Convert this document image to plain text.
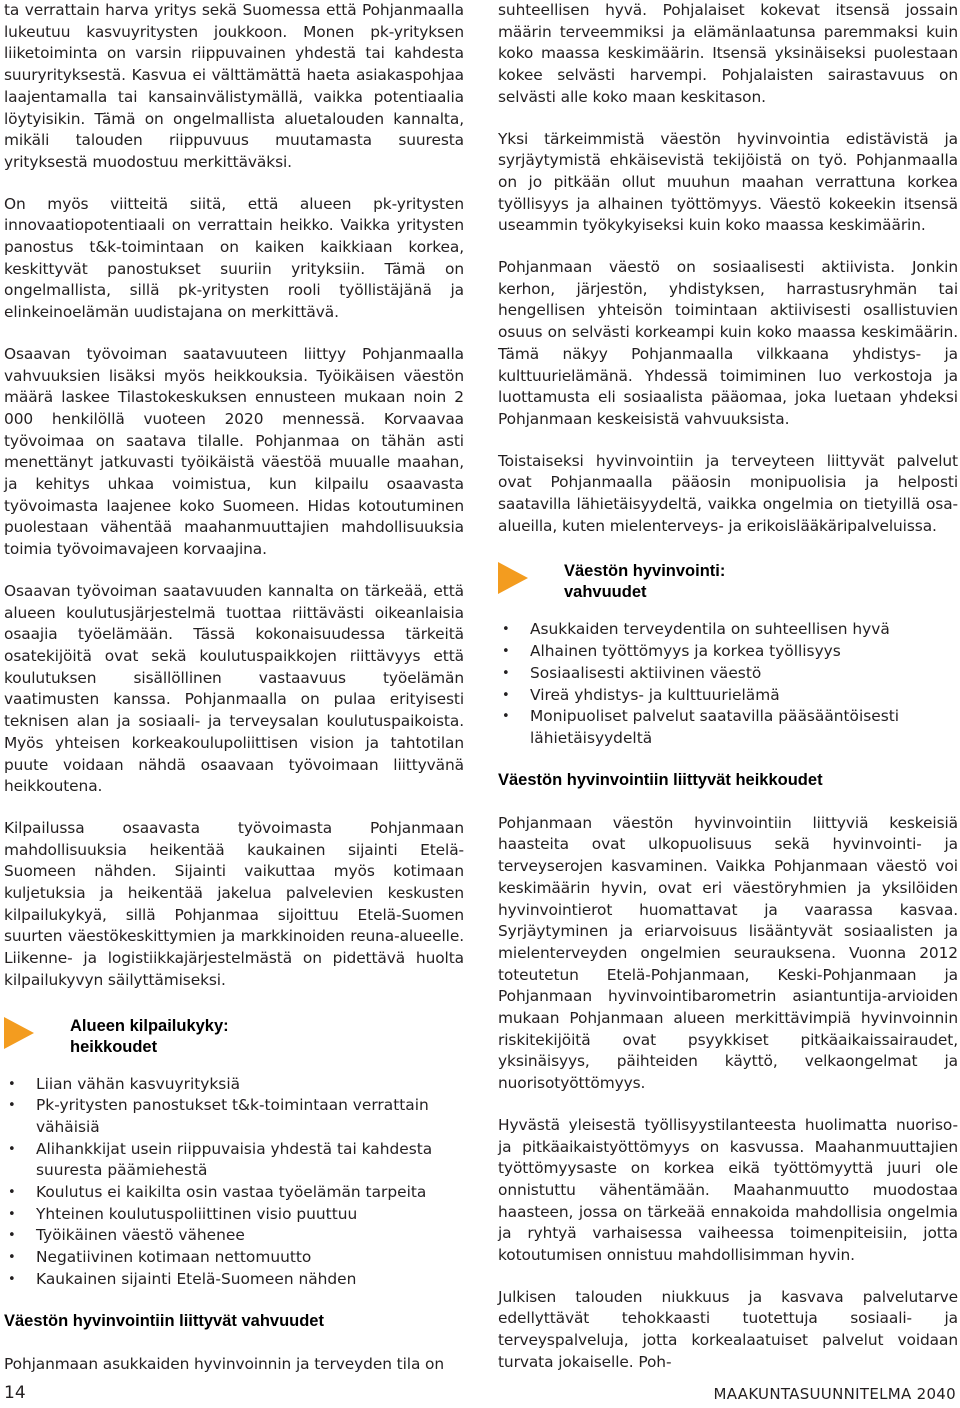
ta verrattain harva yritys sekä Suomessa että Pohjanmaalla lukeutuu kasvuyritysten joukkoon. Monen pk-yrityksen liiketoiminta on varsin riippuvainen yhdestä tai kahdesta suuryrityksestä. Kasvua ei välttämättä haeta asiakaspohjaa laajentamalla tai kansainvälistymällä, vaikka potentiaalia löytyisikin. Tämä on ongelmallista aluetalouden kannalta, mikäli talouden riippuvuus muutamasta suuresta yrityksestä muodostuu merkittäväksi.

On myös viitteitä siitä, että alueen pk-yritysten innovaatiopotentiaali on verrattain heikko. Vaikka yritysten panostus t&k-toimintaan on kaiken kaikkiaan korkea, keskittyvät panostukset suuriin yrityksiin. Tämä on ongelmallista, sillä pk-yritysten rooli työllistäjänä ja elinkeinoelämän uudistajana on merkittävä.

Osaavan työvoiman saatavuuteen liittyy Pohjanmaalla vahvuuksien lisäksi myös heikkouksia. Työikäisen väestön määrä laskee Tilastokeskuksen ennusteen mukaan noin 2 000 henkilöllä vuoteen 2020 mennessä. Korvaavaa työvoimaa on saatava tilalle. Pohjanmaa on tähän asti menettänyt jatkuvasti työikäistä väestöä muualle maahan, ja kehitys uhkaa voimistua, kun kilpailu osaavasta työvoimasta laajenee koko Suomeen. Hidas kotoutuminen puolestaan vähentää maahanmuuttajien mahdollisuuksia toimia työvoimavajeen korvaajina.

Osaavan työvoiman saatavuuden kannalta on tärkeää, että alueen koulutusjärjestelmä tuottaa riittävästi oikeanlaisia osaajia työelämään. Tässä kokonaisuudessa tärkeitä osatekijöitä ovat sekä koulutuspaikkojen riittävyys että koulutuksen sisällöllinen vastaavuus työelämän vaatimusten kanssa. Pohjanmaalla on pulaa erityisesti teknisen alan ja sosiaali- ja terveysalan koulutuspaikoista. Myös yhteisen korkeakoulupoliittisen vision ja tahtotilan puute voidaan nähdä osaavaan työvoimaan liittyvänä heikkoutena.

Kilpailussa osaavasta työvoimasta Pohjanmaan mahdollisuuksia heikentää kaukainen sijainti Etelä-Suomeen nähden. Sijainti vaikuttaa myös kotimaan kuljetuksia ja heikentää jakelua palvelevien keskusten kilpailukykyä, sillä Pohjanmaa sijoittuu Etelä-Suomen suurten väestökeskittymien ja markkinoiden reuna-alueelle. Liikenne- ja logistiikkajärjestelmästä on pidettävä huolta kilpailukyvyn säilyttämiseksi.

Alueen kilpailukyky:
heikkoudet
• Liian vähän kasvuyrityksiä
• Pk-yritysten panostukset t&k-toimintaan verrattain vähäisiä
• Alihankkijat usein riippuvaisia yhdestä tai kahdesta suuresta päämiehestä
• Koulutus ei kaikilta osin vastaa työelämän tarpeita
• Yhteinen koulutuspoliittinen visio puuttuu
• Työikäinen väestö vähenee
• Negatiivinen kotimaan nettomuutto
• Kaukainen sijainti Etelä-Suomeen nähden
Väestön hyvinvointiin liittyvät vahvuudet

Pohjanmaan asukkaiden hyvinvoinnin ja terveyden tila on

suhteellisen hyvä. Pohjalaiset kokevat itsensä jossain määrin terveemmiksi ja elämänlaatunsa paremmaksi kuin koko maassa keskimäärin. Itsensä yksinäiseksi puolestaan kokee selvästi harvempi. Pohjalaisten sairastavuus on selvästi alle koko maan keskitason.

Yksi tärkeimmistä väestön hyvinvointia edistävistä ja syrjäytymistä ehkäisevistä tekijöistä on työ. Pohjanmaalla on jo pitkään ollut muuhun maahan verrattuna korkea työllisyys ja alhainen työttömyys. Väestö kokeekin itsensä useammin työkykyiseksi kuin koko maassa keskimäärin.

Pohjanmaan väestö on sosiaalisesti aktiivista. Jonkin kerhon, järjestön, yhdistyksen, harrastusryhmän tai hengellisen yhteisön toimintaan aktiivisesti osallistuvien osuus on selvästi korkeampi kuin koko maassa keskimäärin. Tämä näkyy Pohjanmaalla vilkkaana yhdistys- ja kulttuurielämänä. Yhdessä toimiminen luo verkostoja ja luottamusta eli sosiaalista pääomaa, joka luetaan yhdeksi Pohjanmaan keskeisistä vahvuuksista.

Toistaiseksi hyvinvointiin ja terveyteen liittyvät palvelut ovat Pohjanmaalla pääosin monipuolisia ja helposti saatavilla lähietäisyydeltä, vaikka ongelmia on tietyillä osa-alueilla, kuten mielenterveys- ja erikoislääkäripalveluissa.

Väestön hyvinvointi:
vahvuudet
• Asukkaiden terveydentila on suhteellisen hyvä
• Alhainen työttömyys ja korkea työllisyys
• Sosiaalisesti aktiivinen väestö
• Vireä yhdistys- ja kulttuurielämä
• Monipuoliset palvelut saatavilla pääsääntöisesti lähietäisyydeltä
Väestön hyvinvointiin liittyvät heikkoudet

Pohjanmaan väestön hyvinvointiin liittyviä keskeisiä haasteita ovat ulkopuolisuus sekä hyvinvointi- ja terveyserojen kasvaminen. Vaikka Pohjanmaan väestö voi keskimäärin hyvin, ovat eri väestöryhmien ja yksilöiden hyvinvointierot huomattavat ja vaarassa kasvaa. Syrjäytyminen ja eriarvoisuus lisääntyvät sosiaalisten ja mielenterveyden ongelmien seurauksena. Vuonna 2012 toteutetun Etelä-Pohjanmaan, Keski-Pohjanmaan ja Pohjanmaan hyvinvointibarometrin asiantuntija-arvioiden mukaan Pohjanmaan alueen merkittävimpiä hyvinvoinnin riskitekijöitä ovat psyykkiset pitkäaikaissairaudet, yksinäisyys, päihteiden käyttö, velkaongelmat ja nuorisotyöttömyys.

Hyvästä yleisestä työllisyystilanteesta huolimatta nuoriso- ja pitkäaikaistyöttömyys on kasvussa. Maahanmuuttajien työttömyysaste on korkea eikä työttömyyttä juuri ole onnistuttu vähentämään. Maahanmuutto muodostaa haasteen, jossa on tärkeää ennakoida mahdollisia ongelmia ja ryhtyä varhaisessa vaiheessa toimenpiteisiin, jotta kotoutumisen onnistuu mahdollisimman hyvin.

Julkisen talouden niukkuus ja kasvava palvelutarve edellyttävät tehokkaasti tuotettuja sosiaali- ja terveyspalveluja, jotta korkealaatuiset palvelut voidaan turvata jokaiselle. Poh-

14	MAAKUNTASUUNNITELMA 2040
